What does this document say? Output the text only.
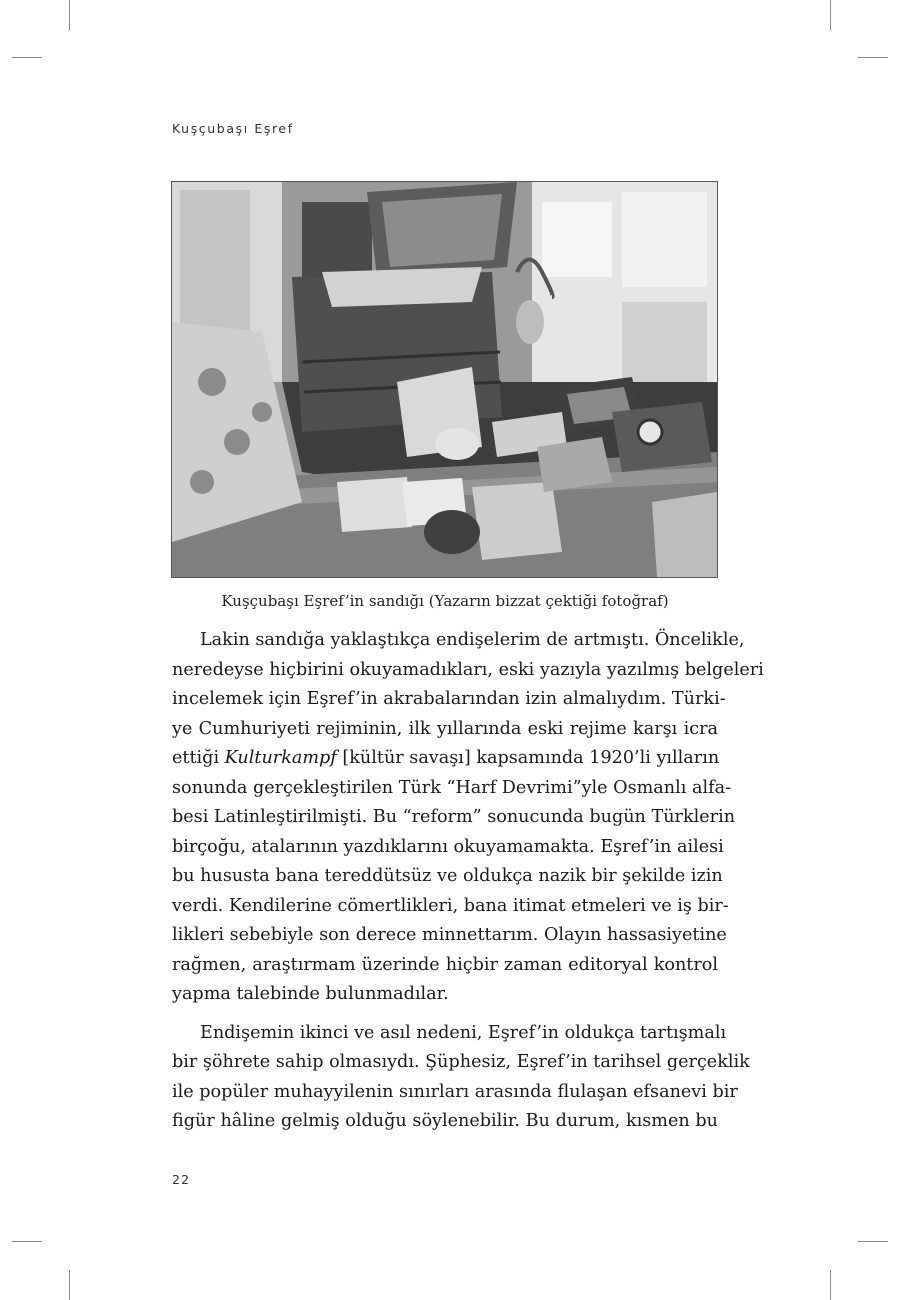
Kuşçubaşı Eşref
Kuşçubaşı Eşref’in sandığı (Yazarın bizzat çektiği fotoğraf)
Lakin sandığa yaklaştıkça endişelerim de artmıştı. Öncelikle,
neredeyse hiçbirini okuyamadıkları, eski yazıyla yazılmış belgeleri
incelemek için Eşref’in akrabalarından izin almalıydım. Türki-
ye Cumhuriyeti rejiminin, ilk yıllarında eski rejime karşı icra
ettiği Kulturkampf [kültür savaşı] kapsamında 1920’li yılların
sonunda gerçekleştirilen Türk “Harf Devrimi”yle Osmanlı alfa-
besi Latinleştirilmişti. Bu “reform” sonucunda bugün Türklerin
birçoğu, atalarının yazdıklarını okuyamamakta. Eşref’in ailesi
bu hususta bana tereddütsüz ve oldukça nazik bir şekilde izin
verdi. Kendilerine cömertlikleri, bana itimat etmeleri ve iş bir-
likleri sebebiyle son derece minnettarım. Olayın hassasiyetine
rağmen, araştırmam üzerinde hiçbir zaman editoryal kontrol
yapma talebinde bulunmadılar.
Endişemin ikinci ve asıl nedeni, Eşref’in oldukça tartışmalı
bir şöhrete sahip olmasıydı. Şüphesiz, Eşref’in tarihsel gerçeklik
ile popüler muhayyilenin sınırları arasında flulaşan efsanevi bir
figür hâline gelmiş olduğu söylenebilir. Bu durum, kısmen bu
22
